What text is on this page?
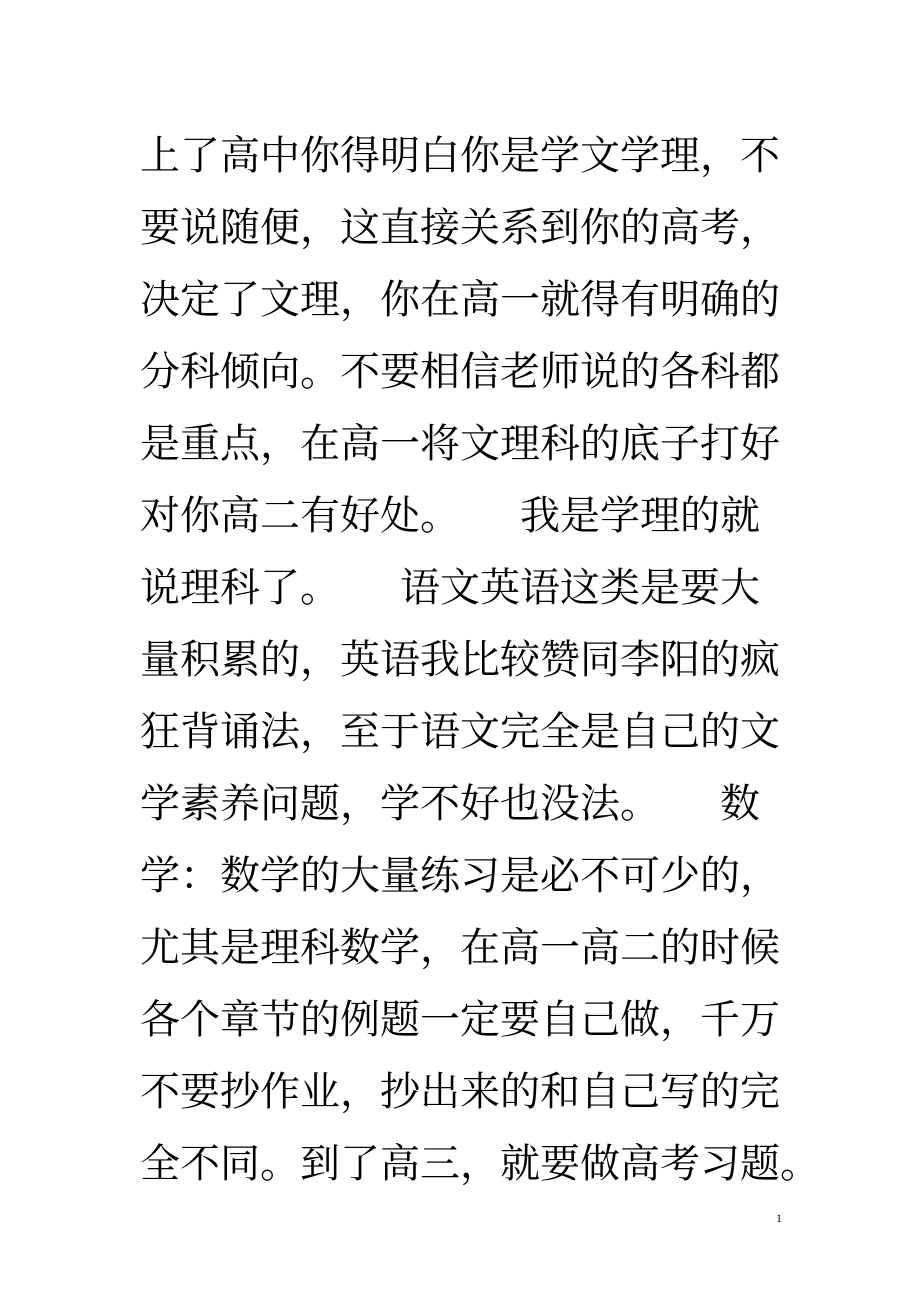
上了高中你得明白你是学文学理，不
要说随便，这直接关系到你的高考，
决定了文理，你在高一就得有明确的
分科倾向。不要相信老师说的各科都
是重点，在高一将文理科的底子打好
对你高二有好处。　　我是学理的就
说理科了。　　语文英语这类是要大
量积累的，英语我比较赞同李阳的疯
狂背诵法，至于语文完全是自己的文
学素养问题，学不好也没法。　　数
学：数学的大量练习是必不可少的，
尤其是理科数学，在高一高二的时候
各个章节的例题一定要自己做，千万
不要抄作业，抄出来的和自己写的完
全不同。到了高三，就要做高考习题。
1
